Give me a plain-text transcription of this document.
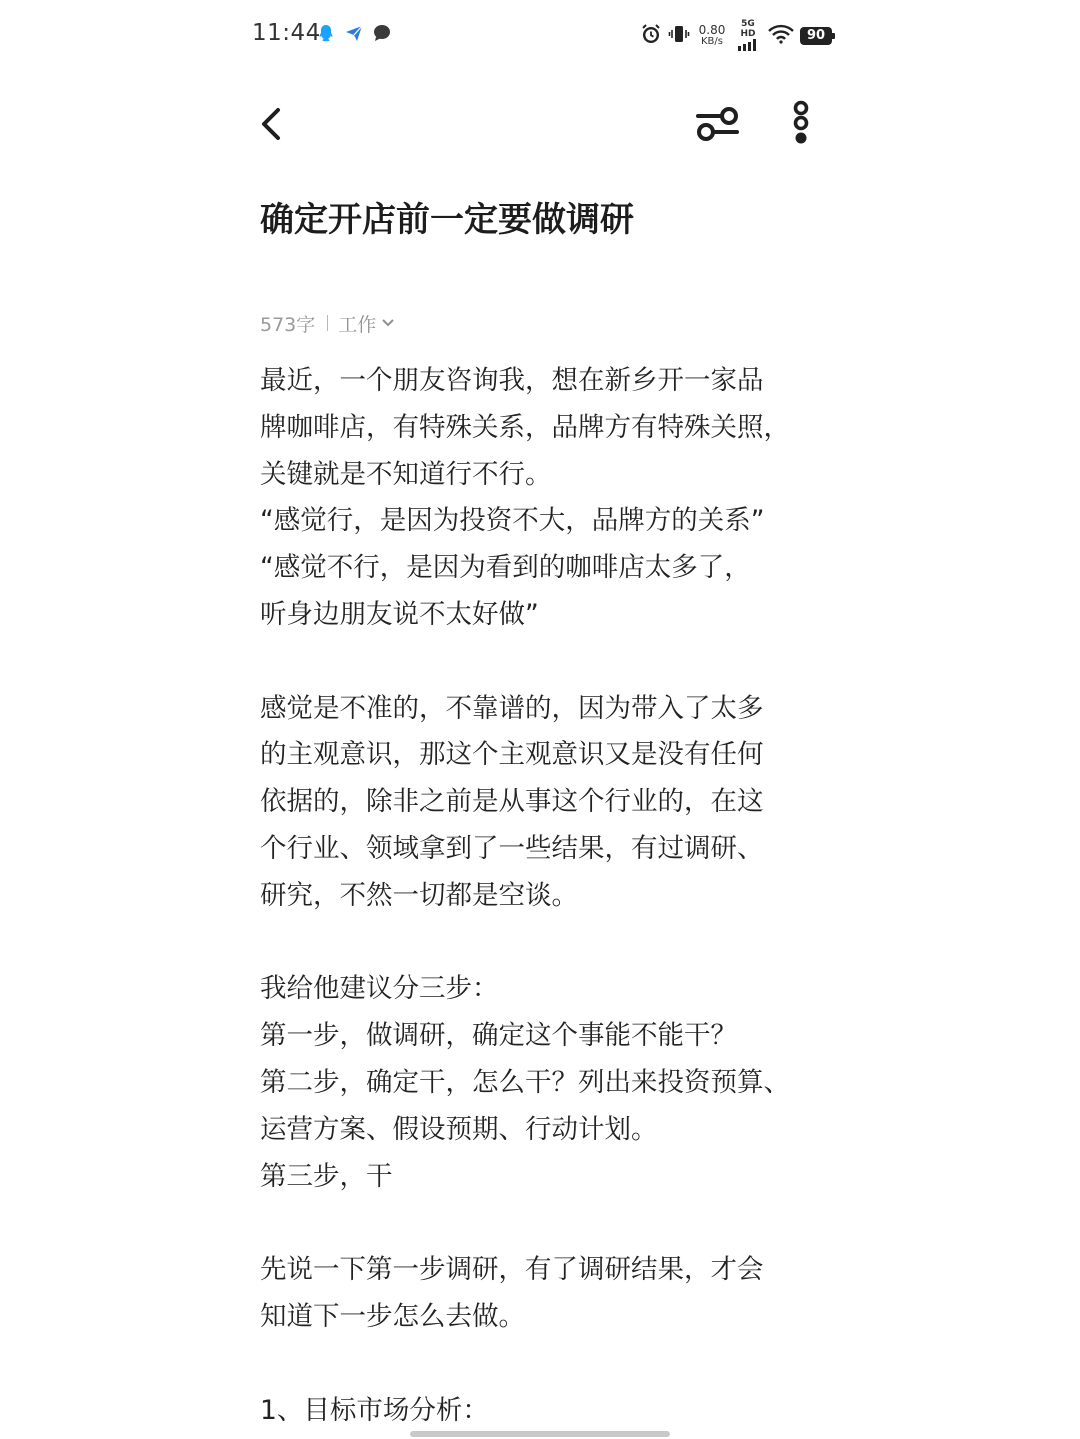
11:44	0.80
KB/s
5G HD	90
确定开店前一定要做调研
573字 工作

最近，一个朋友咨询我，想在新乡开一家品

牌咖啡店，有特殊关系，品牌方有特殊关照，

关键就是不知道行不行。

“感觉行，是因为投资不大，品牌方的关系”

“感觉不行，是因为看到的咖啡店太多了，

听身边朋友说不太好做”

感觉是不准的，不靠谱的，因为带入了太多

的主观意识，那这个主观意识又是没有任何

依据的，除非之前是从事这个行业的，在这

个行业、领域拿到了一些结果，有过调研、

研究，不然一切都是空谈。

我给他建议分三步：

第一步，做调研，确定这个事能不能干？

第二步，确定干，怎么干？列出来投资预算、

运营方案、假设预期、行动计划。

第三步，干

先说一下第一步调研，有了调研结果，才会

知道下一步怎么去做。

1、目标市场分析：
